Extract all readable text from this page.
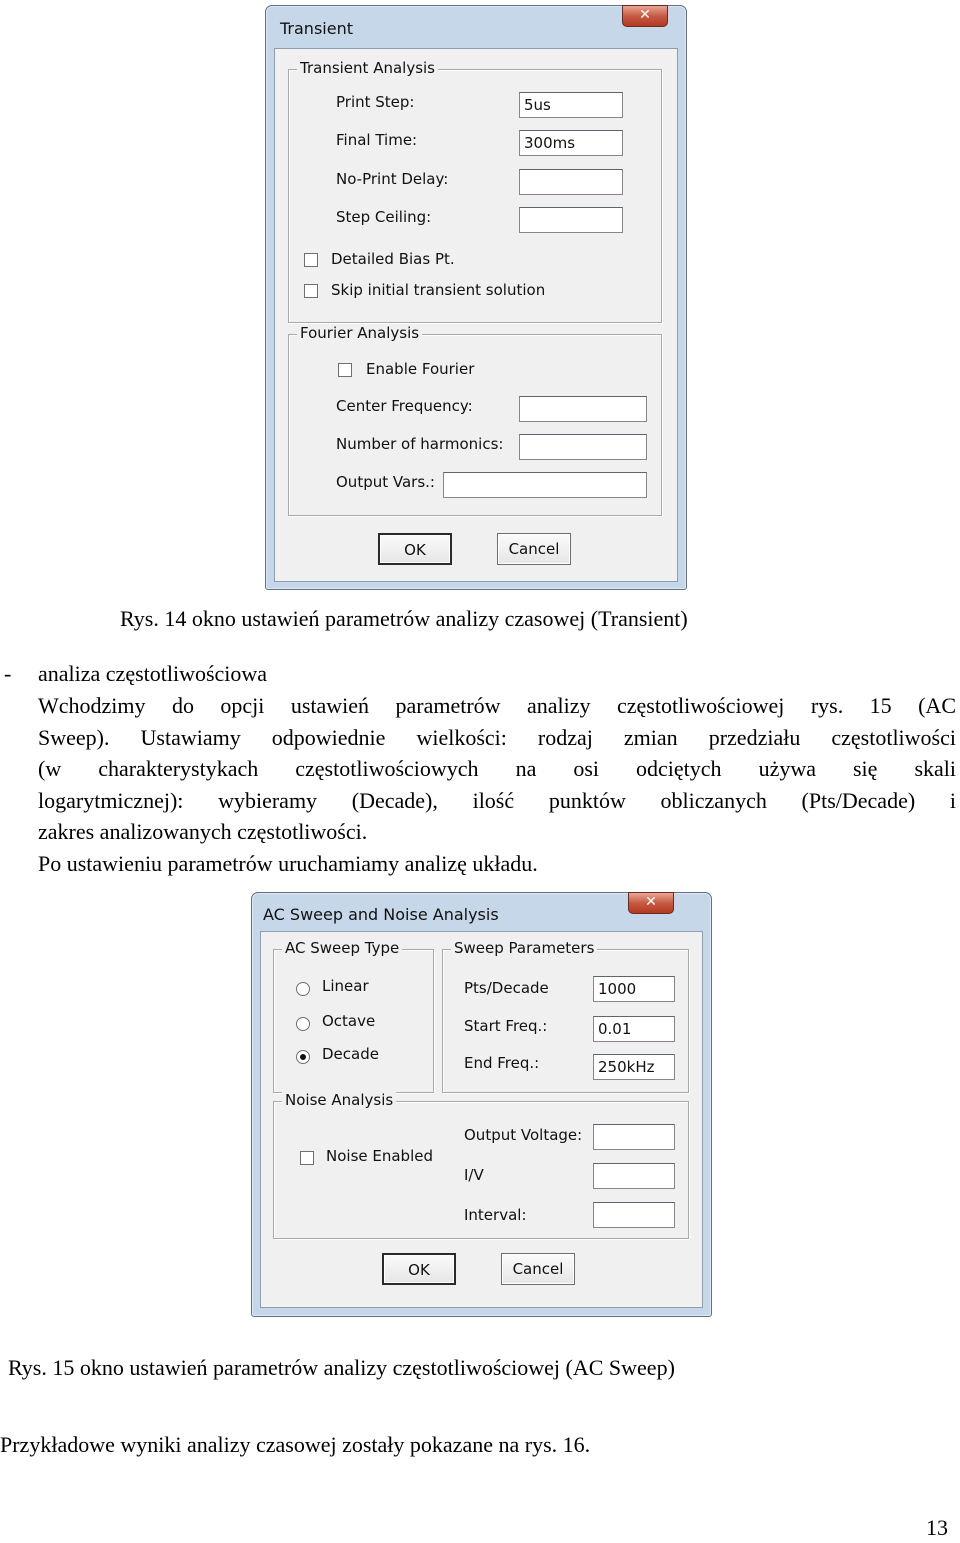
Transient
✕
Transient Analysis
Print Step:	5us
Final Time:	300ms
No-Print Delay:
Step Ceiling:
Detailed Bias Pt.
Skip initial transient solution
Fourier Analysis
Enable Fourier
Center Frequency:
Number of harmonics:
Output Vars.:
OK	Cancel
Rys. 14 okno ustawień parametrów analizy czasowej (Transient)
- analiza częstotliwościowa
Wchodzimy do opcji ustawień parametrów analizy częstotliwościowej rys. 15 (AC
Sweep). Ustawiamy odpowiednie wielkości: rodzaj zmian przedziału częstotliwości
(w charakterystykach częstotliwościowych na osi odciętych używa się skali
logarytmicznej): wybieramy (Decade), ilość punktów obliczanych (Pts/Decade) i
zakres analizowanych częstotliwości.
Po ustawieniu parametrów uruchamiamy analizę układu.
AC Sweep and Noise Analysis
✕
AC Sweep Type
Linear
Octave
Decade
Sweep Parameters
Pts/Decade	1000
Start Freq.:	0.01
End Freq.:	250kHz
Noise Analysis
Noise Enabled
Output Voltage:
I/V
Interval:
OK	Cancel
Rys. 15 okno ustawień parametrów analizy częstotliwościowej (AC Sweep)
Przykładowe wyniki analizy czasowej zostały pokazane na rys. 16.
13
